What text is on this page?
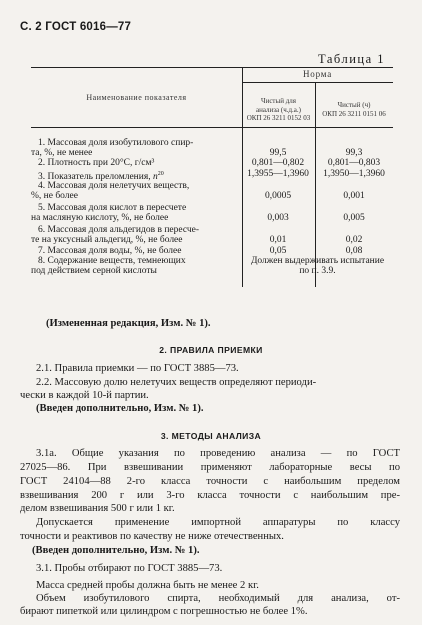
С. 2 ГОСТ 6016—77
Таблица 1
Наименование показателя
Норма
Чистый для
анализа (ч.д.а.)
ОКП 26 3211 0152 03
Чистый (ч)
ОКП 26 3211 0151 06
1. Массовая доля изобутилового спир-
та, %, не менее	99,5	99,3
2. Плотность при 20°С, г/см³	0,801—0,802	0,801—0,803
3. Показатель преломления, $n^{20}$	1,3955—1,3960	1,3950—1,3960
4. Массовая доля нелетучих веществ,
%, не более	0,0005	0,001
5. Массовая доля кислот в пересчете
на масляную кислоту, %, не более	0,003	0,005
6. Массовая доля альдегидов в пересче-
те на уксусный альдегид, %, не более	0,01	0,02
7. Массовая доля воды, %, не более	0,05	0,08
8. Содержание веществ, темнеющих
под действием серной кислоты
Должен выдерживать испытание
по п. 3.9.
(Измененная редакция, Изм. № 1).
2. ПРАВИЛА ПРИЕМКИ
2.1. Правила приемки — по ГОСТ 3885—73.
2.2. Массовую долю нелетучих веществ определяют периоди-
чески в каждой 10-й партии.
(Введен дополнительно, Изм. № 1).
3. МЕТОДЫ АНАЛИЗА
3.1а. Общие указания по проведению анализа — по ГОСТ
27025—86. При взвешивании применяют лабораторные весы по
ГОСТ 24104—88 2-го класса точности с наибольшим пределом
взвешивания 200 г или 3-го класса точности с наибольшим пре-
делом взвешивания 500 г или 1 кг.
Допускается применение импортной аппаратуры по классу
точности и реактивов по качеству не ниже отечественных.
(Введен дополнительно, Изм. № 1).
3.1. Пробы отбирают по ГОСТ 3885—73.
Масса средней пробы должна быть не менее 2 кг.
Объем изобутилового спирта, необходимый для анализа, от-
бирают пипеткой или цилиндром с погрешностью не более 1%.
